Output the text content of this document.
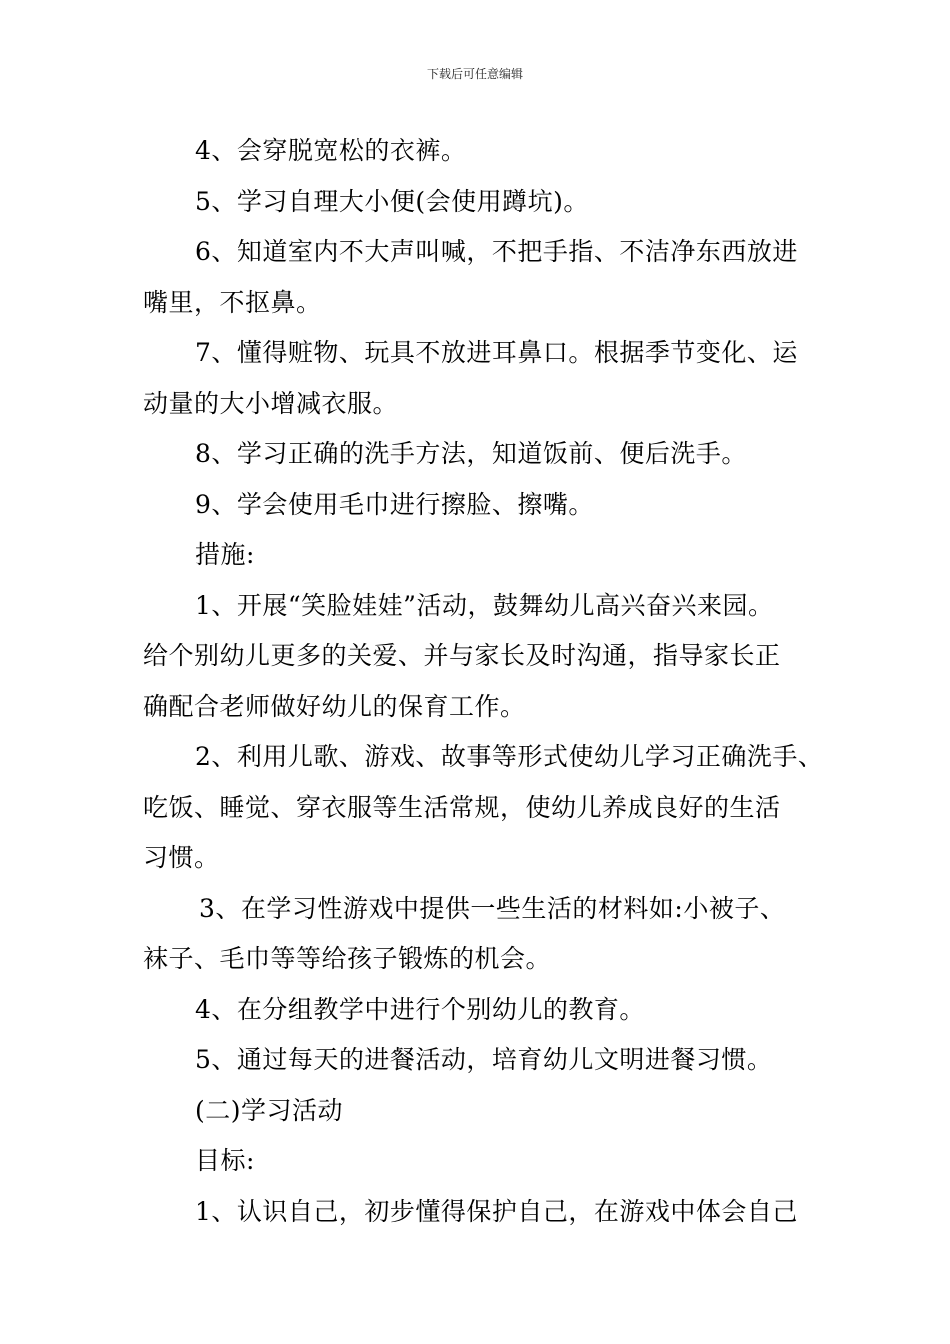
下载后可任意编辑

4、会穿脱宽松的衣裤。

5、学习自理大小便(会使用蹲坑)。

6、知道室内不大声叫喊，不把手指、不洁净东西放进

嘴里，不抠鼻。

7、懂得赃物、玩具不放进耳鼻口。根据季节变化、运

动量的大小增减衣服。

8、学习正确的洗手方法，知道饭前、便后洗手。

9、学会使用毛巾进行擦脸、擦嘴。

措施:

1、开展“笑脸娃娃”活动，鼓舞幼儿高兴奋兴来园。

给个别幼儿更多的关爱、并与家长及时沟通，指导家长正

确配合老师做好幼儿的保育工作。

2、利用儿歌、游戏、故事等形式使幼儿学习正确洗手、

吃饭、睡觉、穿衣服等生活常规，使幼儿养成良好的生活

习惯。

3、在学习性游戏中提供一些生活的材料如:小被子、

袜子、毛巾等等给孩子锻炼的机会。

4、在分组教学中进行个别幼儿的教育。

5、通过每天的进餐活动，培育幼儿文明进餐习惯。

(二)学习活动

目标:

1、认识自己，初步懂得保护自己，在游戏中体会自己
